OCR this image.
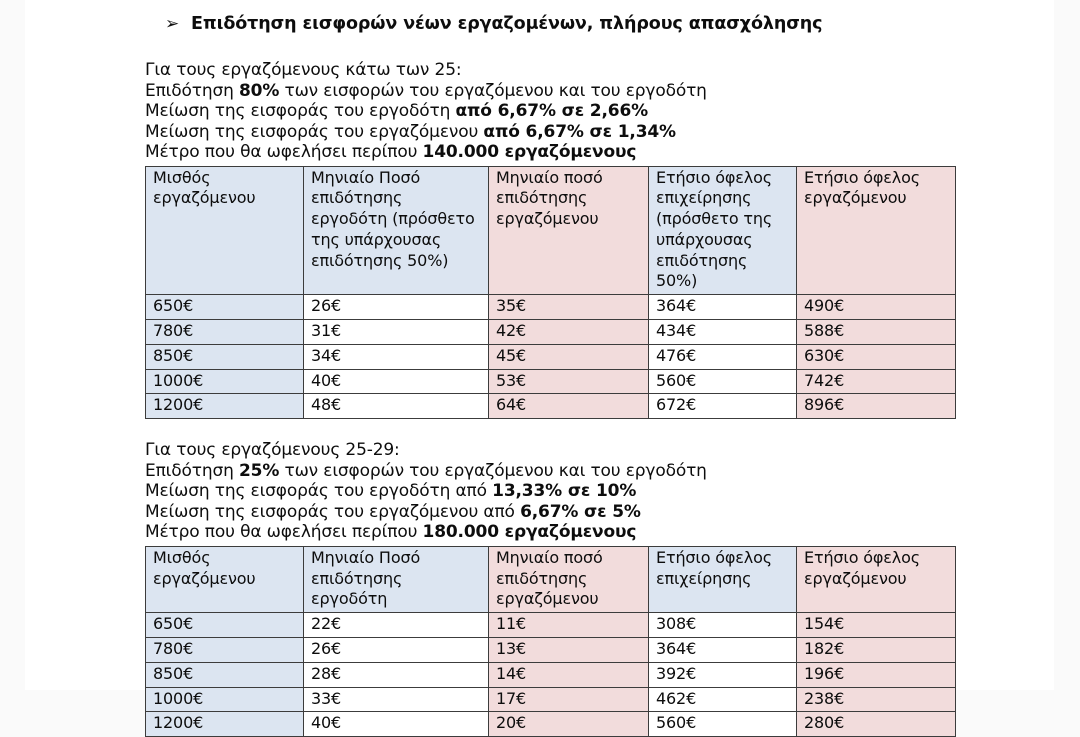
➢ Επιδότηση εισφορών νέων εργαζομένων, πλήρους απασχόλησης

Για τους εργαζόμενους κάτω των 25:

Επιδότηση 80% των εισφορών του εργαζόμενου και του εργοδότη

Μείωση της εισφοράς του εργοδότη από 6,67% σε 2,66%

Μείωση της εισφοράς του εργαζόμενου από 6,67% σε 1,34%

Μέτρο που θα ωφελήσει περίπου 140.000 εργαζόμενους

Μισθός εργαζόμενου	Μηνιαίο Ποσό επιδότησης εργοδότη (πρόσθετο της υπάρχουσας επιδότησης 50%)	Μηνιαίο ποσό επιδότησης εργαζόμενου	Ετήσιο όφελος επιχείρησης (πρόσθετο της υπάρχουσας επιδότησης 50%)	Ετήσιο όφελος εργαζόμενου
650€	26€	35€	364€	490€
780€	31€	42€	434€	588€
850€	34€	45€	476€	630€
1000€	40€	53€	560€	742€
1200€	48€	64€	672€	896€

Για τους εργαζόμενους 25-29:

Επιδότηση 25% των εισφορών του εργαζόμενου και του εργοδότη

Μείωση της εισφοράς του εργοδότη από 13,33% σε 10%

Μείωση της εισφοράς του εργαζόμενου από 6,67% σε 5%

Μέτρο που θα ωφελήσει περίπου 180.000 εργαζόμενους

Μισθός εργαζόμενου	Μηνιαίο Ποσό επιδότησης εργοδότη	Μηνιαίο ποσό επιδότησης εργαζόμενου	Ετήσιο όφελος επιχείρησης	Ετήσιο όφελος εργαζόμενου
650€	22€	11€	308€	154€
780€	26€	13€	364€	182€
850€	28€	14€	392€	196€
1000€	33€	17€	462€	238€
1200€	40€	20€	560€	280€
